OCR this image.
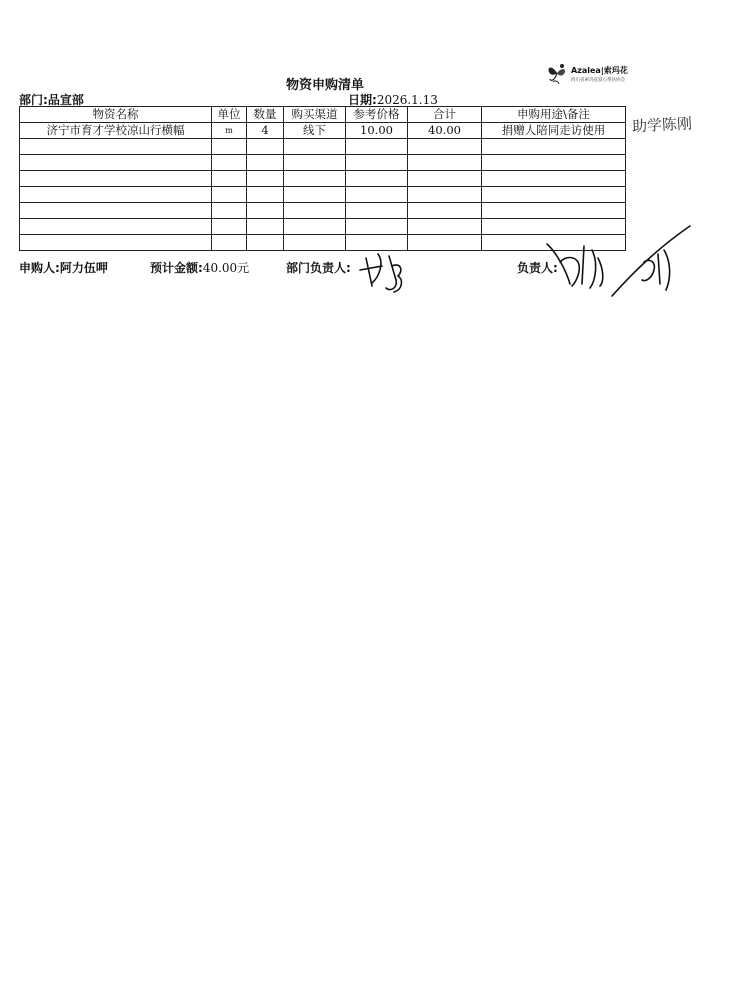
物资申购清单
Azalea|索玛花
四川省索玛花爱心帮扶协会
部门:品宣部	日期:2026.1.13
物资名称	单位	数量	购买渠道	参考价格	合计	申购用途\备注
济宁市育才学校凉山行横幅	m	4	线下	10.00	40.00	捐赠人陪同走访使用

						助学陈刚
申购人:阿力伍呷	预计金额:40.00元	部门负责人:	负责人:
